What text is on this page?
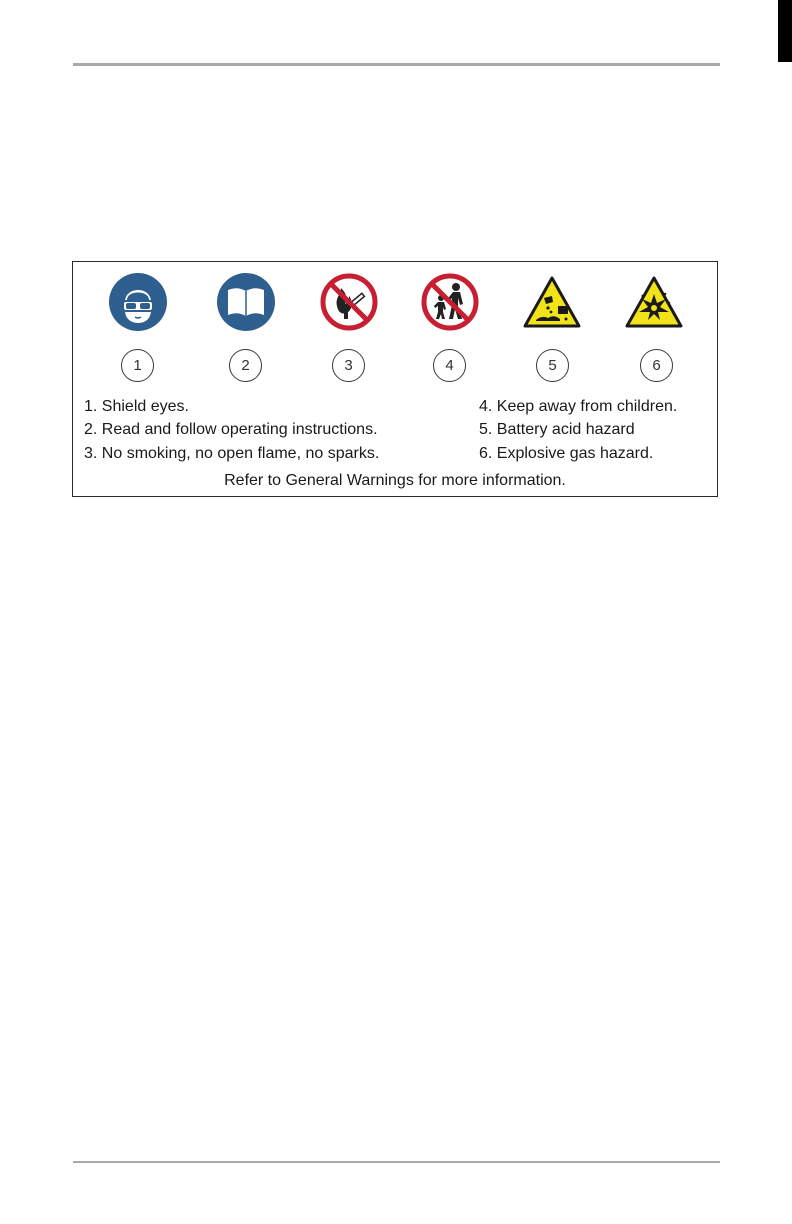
1	2	3	4	5	6
1. Shield eyes.
2. Read and follow operating instructions.
3. No smoking, no open flame, no sparks.
4. Keep away from children.
5. Battery acid hazard
6. Explosive gas hazard.
Refer to General Warnings for more information.
